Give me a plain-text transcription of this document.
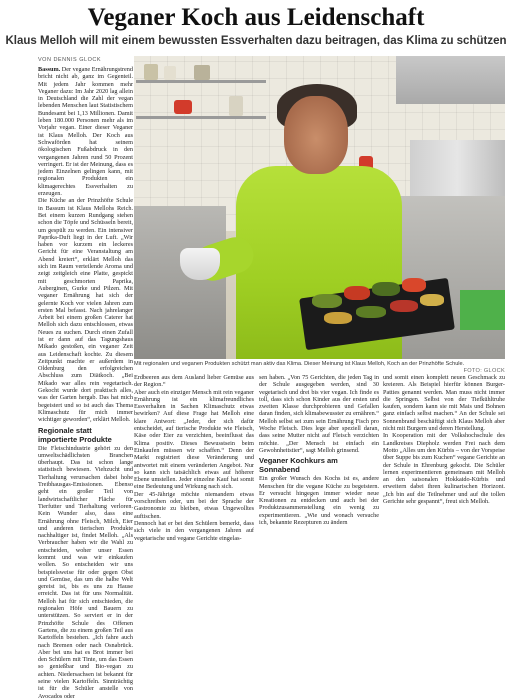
Veganer Koch aus Leidenschaft
Klaus Melloh will mit einem bewussten Essverhalten dazu beitragen, das Klima zu schützen
VON DENNIS GLOCK

Bassum. Der vegane Ernährungstrend bricht nicht ab, ganz im Gegenteil. Mit jedem Jahr kommen mehr Veganer dazu: Im Jahr 2020 lag allein in Deutschland die Zahl der vegan lebenden Menschen laut Statistischem Bundesamt bei 1,13 Millionen. Damit leben 180.000 Personen mehr als im Vorjahr vegan. Einer dieser Veganer ist Klaus Melloh. Der Koch aus Schwaförden hat seinem ökologischen Fußabdruck in den vergangenen Jahren rund 50 Prozent verringert. Er ist der Meinung, dass es jedem Einzelnen gelingen kann, mit regionalen Produkten ein klimagerechtes Essverhalten zu erzeugen.

Die Küche an der Prinzhöfte Schule in Bassum ist Klaus Mellohs Reich. Bei einem kurzen Rundgang stehen schon die Töpfe und Schüsseln bereit, um gespült zu werden. Ein intensiver Paprika-Duft liegt in der Luft. „Wir haben vor kurzem ein leckeres Gericht für eine Veranstaltung am Abend kreiert“, erklärt Melloh das sich im Raum verteilende Aroma und zeigt zeitgleich eine Platte, gespickt mit geschmorten Paprika, Auberginen, Gurke und Pilzen. Mit veganer Ernährung hat sich der gelernte Koch vor vielen Jahren zum ersten Mal befasst. Nach jahrelanger Arbeit bei einem großen Caterer hat Melloh sich dazu entschlossen, etwas Neues zu suchen. Durch einen Zufall ist er dann auf das Tagungshaus Mikado gestoßen, ein veganer Zeit aus Leidenschaft kochte. Zu diesem Zeitpunkt machte er außerdem in Oldenburg den erfolgreichen Abschluss zum Diätkoch. „Bei Mikado war alles rein vegetarisch. Gekocht wurde dort praktisch alles, was der Garten hergab. Das hat mich begeistert und so ist auch das Thema Klimaschutz für mich immer wichtiger geworden“, erklärt Melloh.

Regionale statt importierte Produkte

Die Fleischindustrie gehört zu den umweltschädlichsten Branchen überhaupt. Das ist schon lange statistisch bewiesen. Viehzucht und Tierhaltung verursachen dabei hohe Treibhausgas-Emissionen. Ebenso geht ein großer Teil von landwirtschaftlicher Fläche für Tierfutter und Tierhaltung verloren. Kein Wunder also, dass eine Ernährung ohne Fleisch, Milch, Eier und anderen tierischen Produkte nachhaltiger ist, findet Melloh. „Als Verbraucher haben wir die Wahl zu entscheiden, woher unser Essen kommt und was wir einkaufen wollen. So entscheiden wir uns beispielsweise für oder gegen Obst und Gemüse, das um die halbe Welt gereist ist, bis es uns zu Hause erreicht. Das ist für uns Normalität. Melloh hat für sich entschieden, die regionalen Höfe und Bauern zu unterstützen. So serviert er in der Prinzhöfte Schule des Offenen Gartens, die zu einem großen Teil aus Kartoffeln bestehen. „Ich fahre auch nach Bremen oder nach Osnabrück. Aber bei uns hat es Brot immer bei den Schülern mit Tinte, um das Essen so genießbar und Bio-vegan zu achten. Niedersachsen ist bekannt für seine vielen Kartoffeln. Sinnträchtig ist für die Schüler anstelle von Avocados oder

Mit regionalen und veganen Produkten schützt man aktiv das Klima. Dieser Meinung ist Klaus Melloh, Koch an der Prinzhöfte Schule.
FOTO: GLOCK

Erdbeeren aus dem Ausland lieber Gemüse aus der Region.“

Aber auch ein einziger Mensch mit rein veganer Ernährung ist ein klimafreundliches Essverhalten in Sachen Klimaschutz etwas bewirken? Auf diese Frage hat Melloh eine klare Antwort: „Jeder, der sich dafür entscheidet, auf tierische Produkte wie Fleisch, Käse oder Eier zu verzichten, beeinflusst das Klima positiv. Dieses Bewusstsein beim Einkaufen müssen wir schaffen.“ Denn der Markt registriert diese Veränderung und antwortet mit einem veränderten Angebot. Nur so kann sich tatsächlich etwas auf höherer Ebene umstellen. Jeder einzelne Kauf hat somit eine Bedeutung und Wirkung nach sich.

Der 45-Jährige möchte niemandem etwas vorschreiben oder, um bei der Sprache der Gastronomie zu bleiben, etwas Ungewolltes auftischen.

Dennoch hat er bei den Schülern bemerkt, dass sich viele in den vergangenen Jahren auf vegetarische und vegane Gerichte eingelas-

sen haben. „Von 75 Gerichten, die jeden Tag in der Schule ausgegeben werden, sind 30 vegetarisch und drei bis vier vegan. Ich finde es toll, dass sich schon Kinder aus der ersten und zweiten Klasse durchprobieren und Gefallen daran finden, sich klimabewusster zu ernähren.“ Melloh selbst sei zum sein Ernährung Fisch pro Woche Fleisch. Dies lege aber speziell daran, dass seine Mutter nicht auf Fleisch verzichten möchte. „Der Mensch ist einfach ein Gewohnheitstier“, sagt Melloh grinsend.

Veganer Kochkurs am Sonnabend

Ein großer Wunsch des Kochs ist es, andere Menschen für die vegane Küche zu begeistern. Er versucht hingegen immer wieder neue Kreationen zu entdecken und auch bei der Produktzusammenstellung ein wenig zu experimentieren. „Wie und wonach versuche ich, bekannte Rezepturen zu ändern

und somit einen komplett neuen Geschmack zu kreieren. Als Beispiel hierfür können Burger-Patties genannt werden. Man muss nicht immer die Springen. Selbst von der Tiefkühltruhe kaufen, sondern kann sie mit Mais und Bohnen ganz einfach selbst machen.“ An der Schule sei Sonnenbrand beschäftigt sich Klaus Melloh aber nicht mit Burgern und deren Herstellung.

In Kooperation mit der Volkshochschule des Landkreises Diepholz werden Frei nach dem Motto „Alles um den Kürbis – von der Vorspeise über Suppe bis zum Kuchen“ vegane Gerichte an der Schule in Ehrenburg gekocht. Die Schüler lernen experimentieren gemeinsam mit Melloh an den saisonalen Hokkaido-Kürbis und erweitern dabei ihren kulinarischen Horizont. „Ich bin auf die Teilnehmer und auf die tollen Gerichte sehr gespannt“, freut sich Melloh.
